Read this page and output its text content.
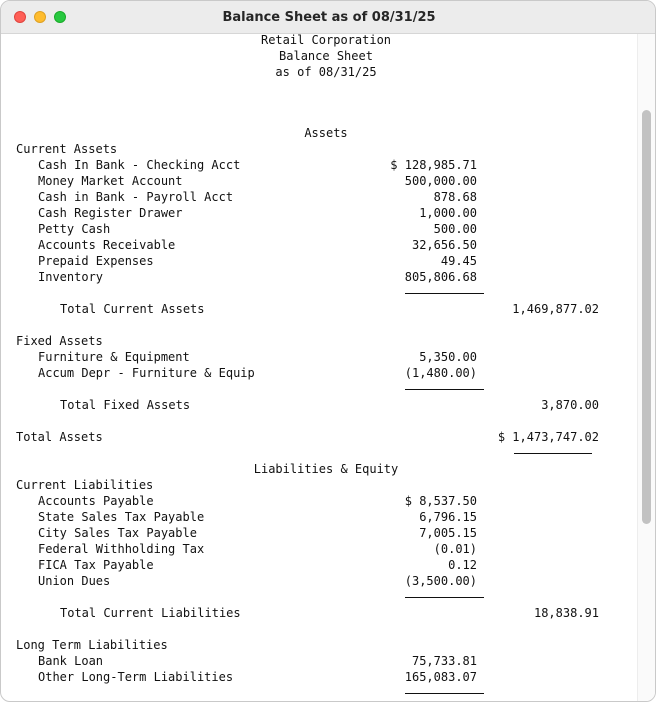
Balance Sheet as of 08/31/25
Retail Corporation
Balance Sheet
as of 08/31/25
Assets
Current Assets
Cash In Bank - Checking Acct	$ 128,985.71
Money Market Account	500,000.00
Cash in Bank - Payroll Acct	878.68
Cash Register Drawer	1,000.00
Petty Cash	500.00
Accounts Receivable	32,656.50
Prepaid Expenses	49.45
Inventory	805,806.68
Total Current Assets	1,469,877.02
Fixed Assets
Furniture & Equipment	5,350.00
Accum Depr - Furniture & Equip	(1,480.00)
Total Fixed Assets	3,870.00
Total Assets	$ 1,473,747.02
Liabilities & Equity
Current Liabilities
Accounts Payable	$ 8,537.50
State Sales Tax Payable	6,796.15
City Sales Tax Payable	7,005.15
Federal Withholding Tax	(0.01)
FICA Tax Payable	0.12
Union Dues	(3,500.00)
Total Current Liabilities	18,838.91
Long Term Liabilities
Bank Loan	75,733.81
Other Long-Term Liabilities	165,083.07
